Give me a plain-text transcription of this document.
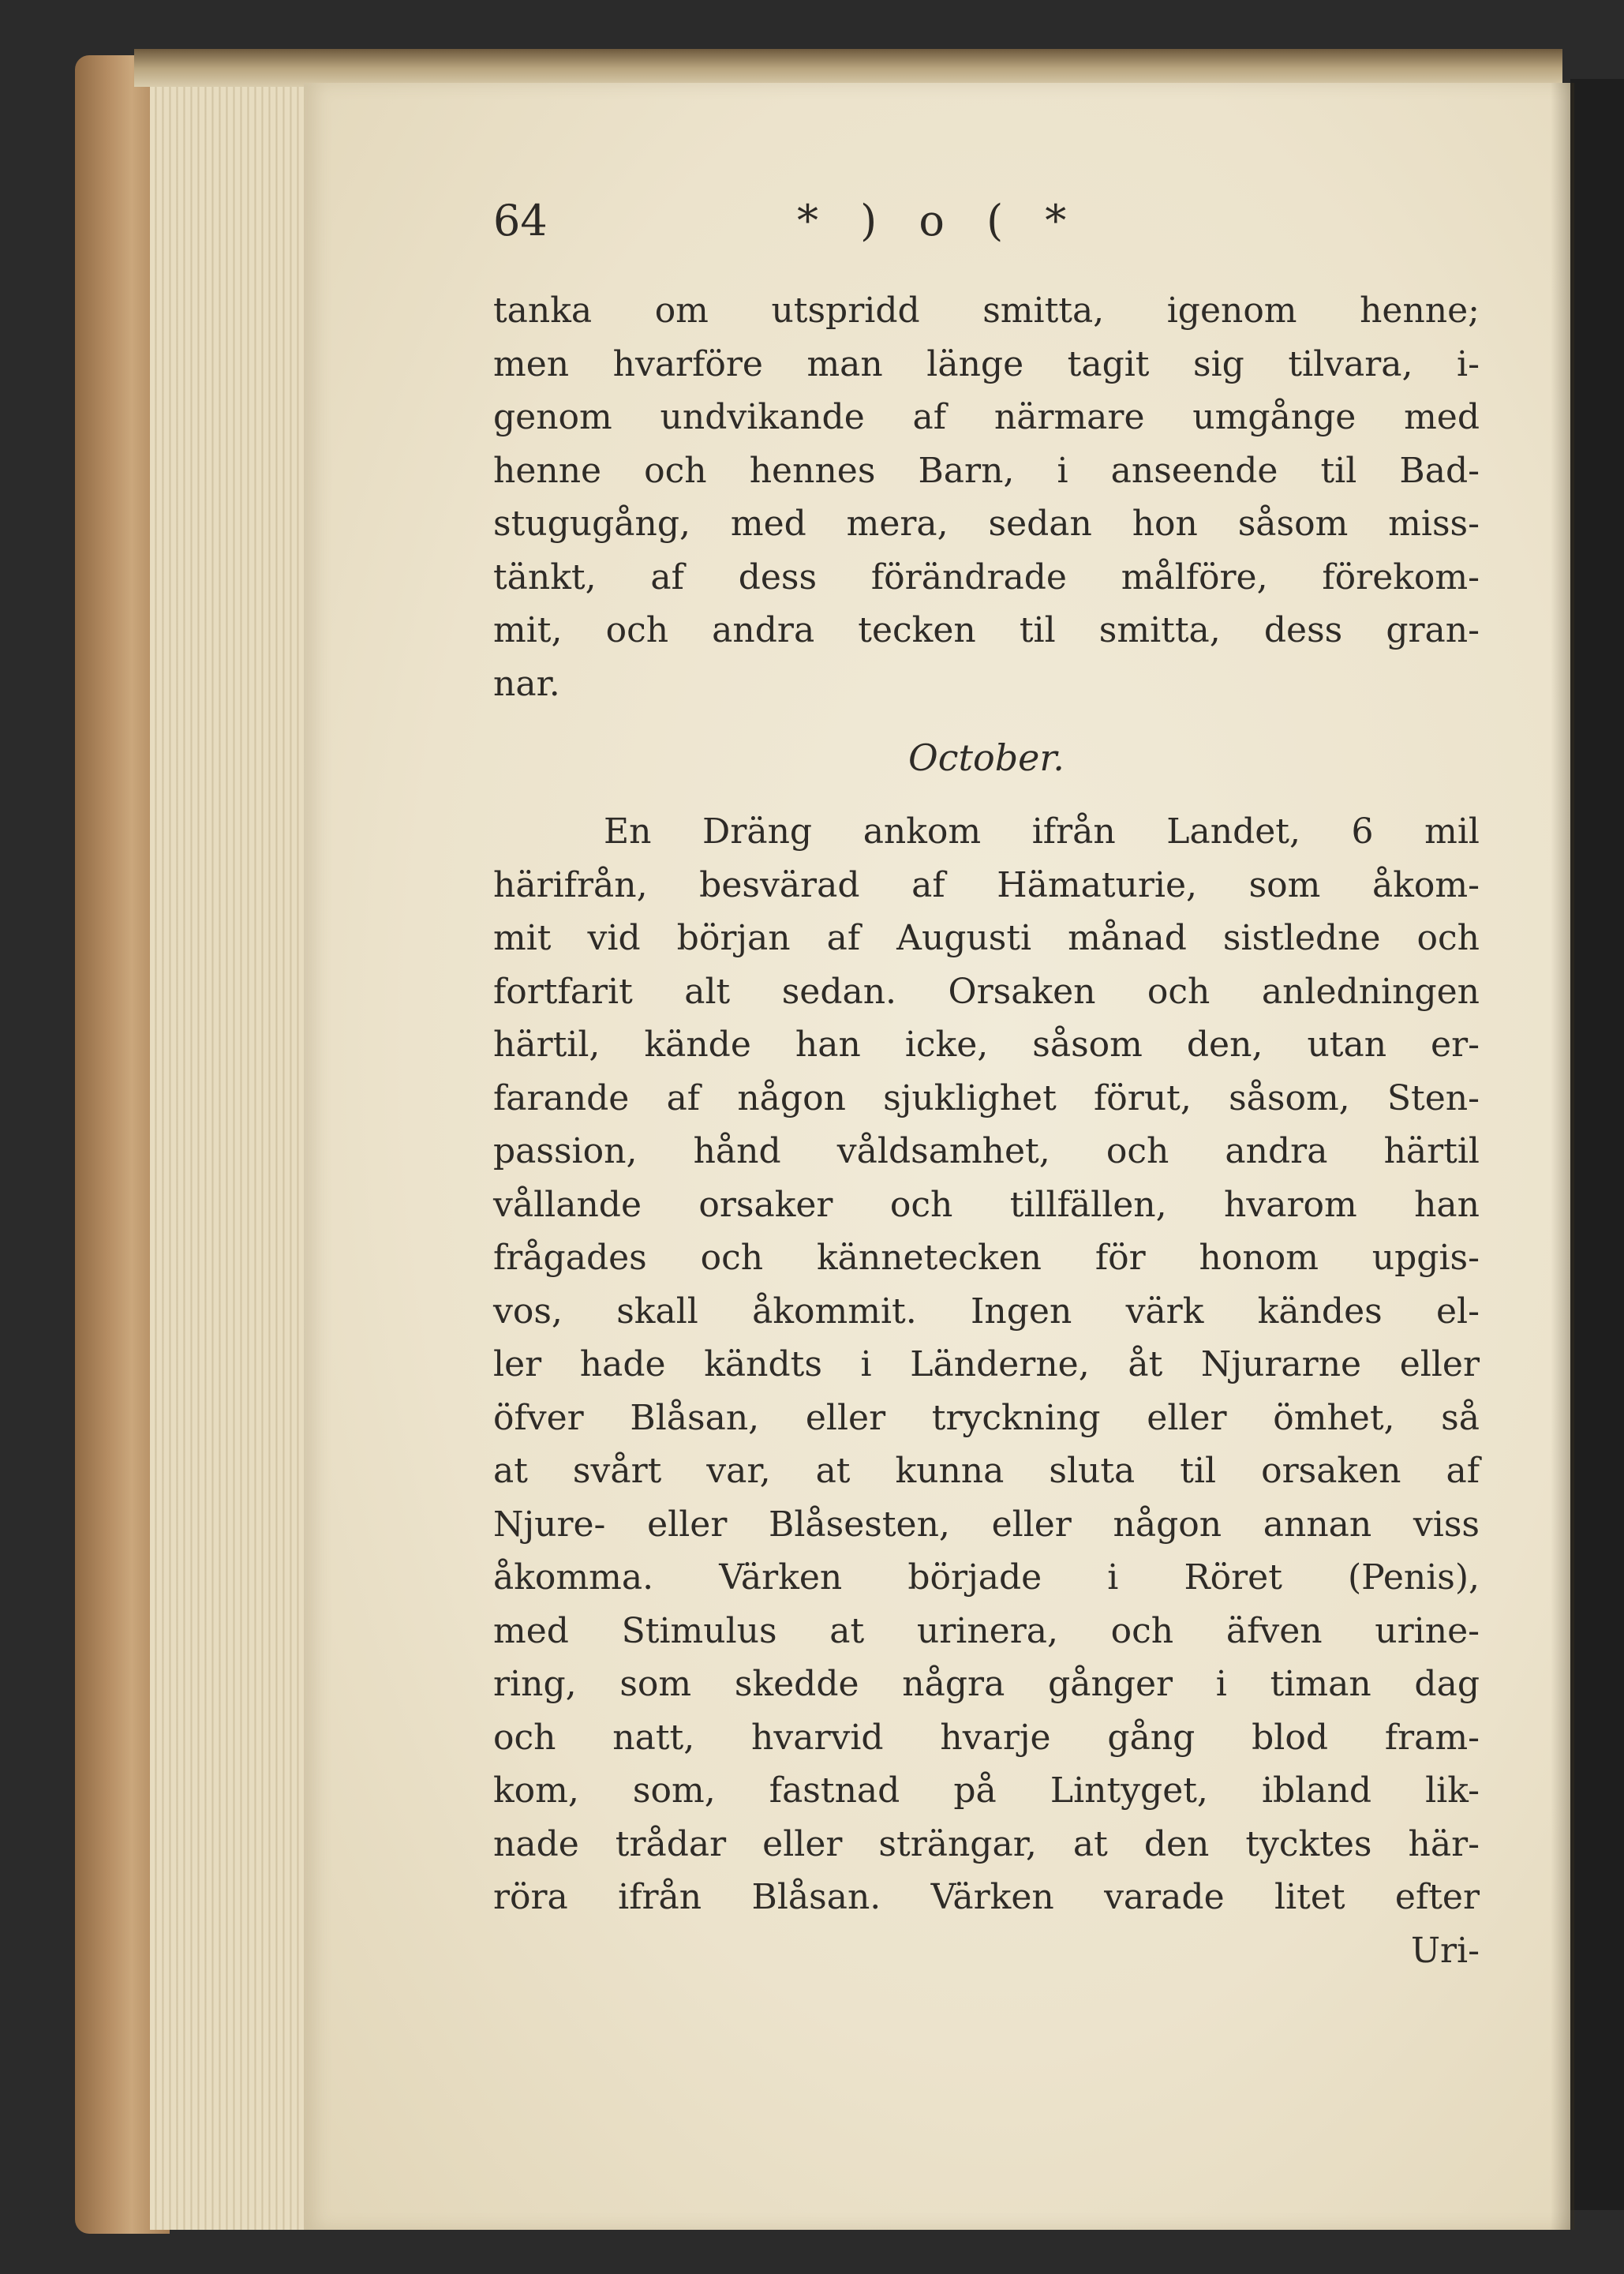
64	* ) o ( *
tanka om utspridd smitta, igenom henne;
men hvarföre man länge tagit sig tilvara, i-
genom undvikande af närmare umgånge med
henne och hennes Barn, i anseende til Bad-
stugugång, med mera, sedan hon såsom miss-
tänkt, af dess förändrade målföre, förekom-
mit, och andra tecken til smitta, dess gran-
nar.
October.
En Dräng ankom ifrån Landet, 6 mil
härifrån, besvärad af Hämaturie, som åkom-
mit vid början af Augusti månad sistledne och
fortfarit alt sedan. Orsaken och anledningen
härtil, kände han icke, såsom den, utan er-
farande af någon sjuklighet förut, såsom, Sten-
passion, hånd våldsamhet, och andra härtil
vållande orsaker och tillfällen, hvarom han
frågades och kännetecken för honom upgis-
vos, skall åkommit. Ingen värk kändes el-
ler hade kändts i Länderne, åt Njurarne eller
öfver Blåsan, eller tryckning eller ömhet, så
at svårt var, at kunna sluta til orsaken af
Njure- eller Blåsesten, eller någon annan viss
åkomma. Värken började i Röret (Penis),
med Stimulus at urinera, och äfven urine-
ring, som skedde några gånger i timan dag
och natt, hvarvid hvarje gång blod fram-
kom, som, fastnad på Lintyget, ibland lik-
nade trådar eller strängar, at den tycktes här-
röra ifrån Blåsan. Värken varade litet efter
Uri-
